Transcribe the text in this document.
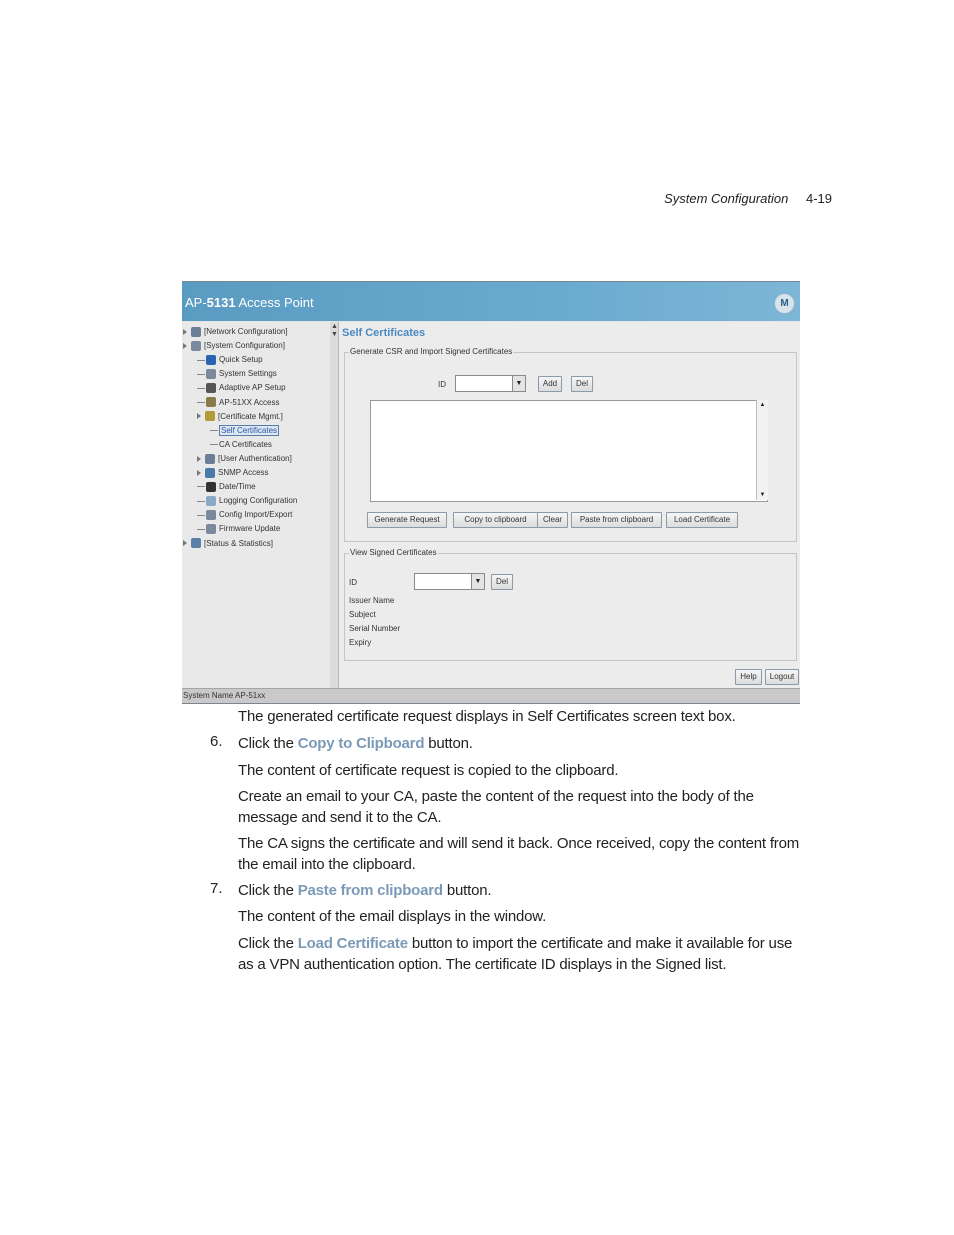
System Configuration 4-19
AP-5131 Access Point	M
[Network Configuration]
[System Configuration]
Quick Setup
System Settings
Adaptive AP Setup
AP-51XX Access
[Certificate Mgmt.]
Self Certificates
CA Certificates
[User Authentication]
SNMP Access
Date/Time
Logging Configuration
Config Import/Export
Firmware Update
[Status & Statistics]
▲
▼ Self Certificates
Generate CSR and Import Signed Certificates
ID	▼	Add	Del
▲
▼
Generate Request	Copy to clipboard	Clear	Paste from clipboard	Load Certificate
View Signed Certificates
ID	▼	Del
Issuer Name
Subject
Serial Number
Expiry
Help	Logout
System Name AP-51xx
The generated certificate request displays in Self Certificates screen text box.
6. Click the Copy to Clipboard button.
The content of certificate request is copied to the clipboard.
Create an email to your CA, paste the content of the request into the body of the message and send it to the CA.
The CA signs the certificate and will send it back. Once received, copy the content from the email into the clipboard.
7. Click the Paste from clipboard button.
The content of the email displays in the window.
Click the Load Certificate button to import the certificate and make it available for use as a VPN authentication option. The certificate ID displays in the Signed list.
